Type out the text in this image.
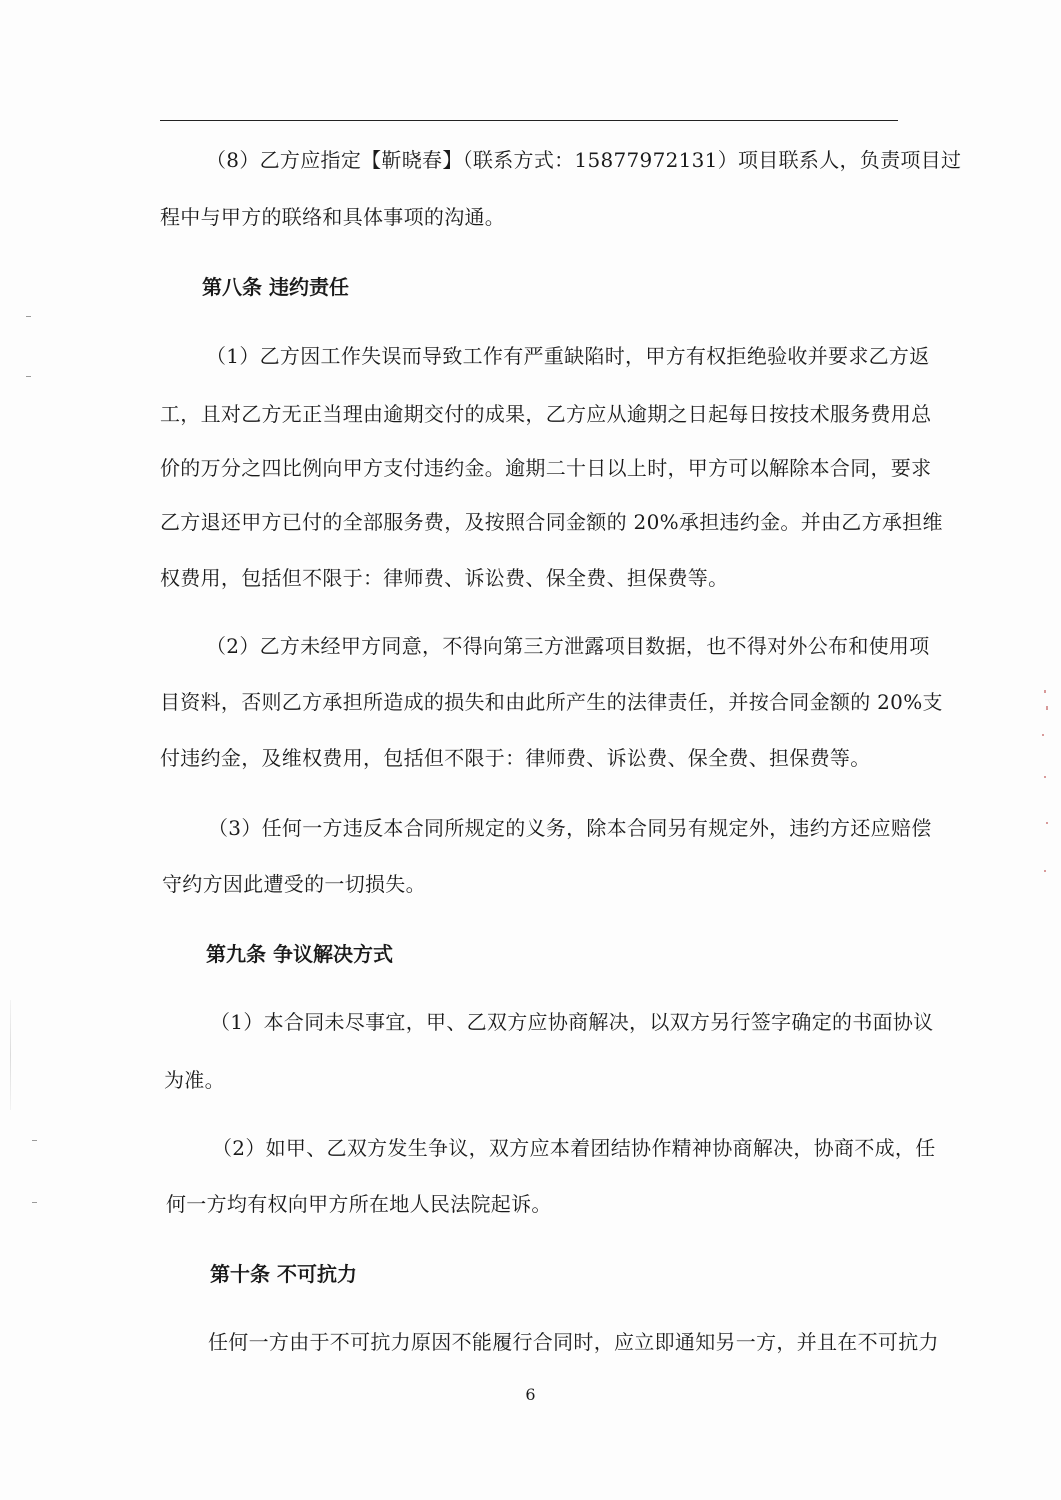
（8）乙方应指定【靳晓春】（联系方式：15877972131）项目联系人，负责项目过
程中与甲方的联络和具体事项的沟通。
第八条 违约责任
（1）乙方因工作失误而导致工作有严重缺陷时，甲方有权拒绝验收并要求乙方返
工，且对乙方无正当理由逾期交付的成果，乙方应从逾期之日起每日按技术服务费用总
价的万分之四比例向甲方支付违约金。逾期二十日以上时，甲方可以解除本合同，要求
乙方退还甲方已付的全部服务费，及按照合同金额的 20%承担违约金。并由乙方承担维
权费用，包括但不限于：律师费、诉讼费、保全费、担保费等。
（2）乙方未经甲方同意，不得向第三方泄露项目数据，也不得对外公布和使用项
目资料，否则乙方承担所造成的损失和由此所产生的法律责任，并按合同金额的 20%支
付违约金，及维权费用，包括但不限于：律师费、诉讼费、保全费、担保费等。
（3）任何一方违反本合同所规定的义务，除本合同另有规定外，违约方还应赔偿
守约方因此遭受的一切损失。
第九条 争议解决方式
（1）本合同未尽事宜，甲、乙双方应协商解决，以双方另行签字确定的书面协议
为准。
（2）如甲、乙双方发生争议，双方应本着团结协作精神协商解决，协商不成，任
何一方均有权向甲方所在地人民法院起诉。
第十条 不可抗力
任何一方由于不可抗力原因不能履行合同时，应立即通知另一方，并且在不可抗力
6
